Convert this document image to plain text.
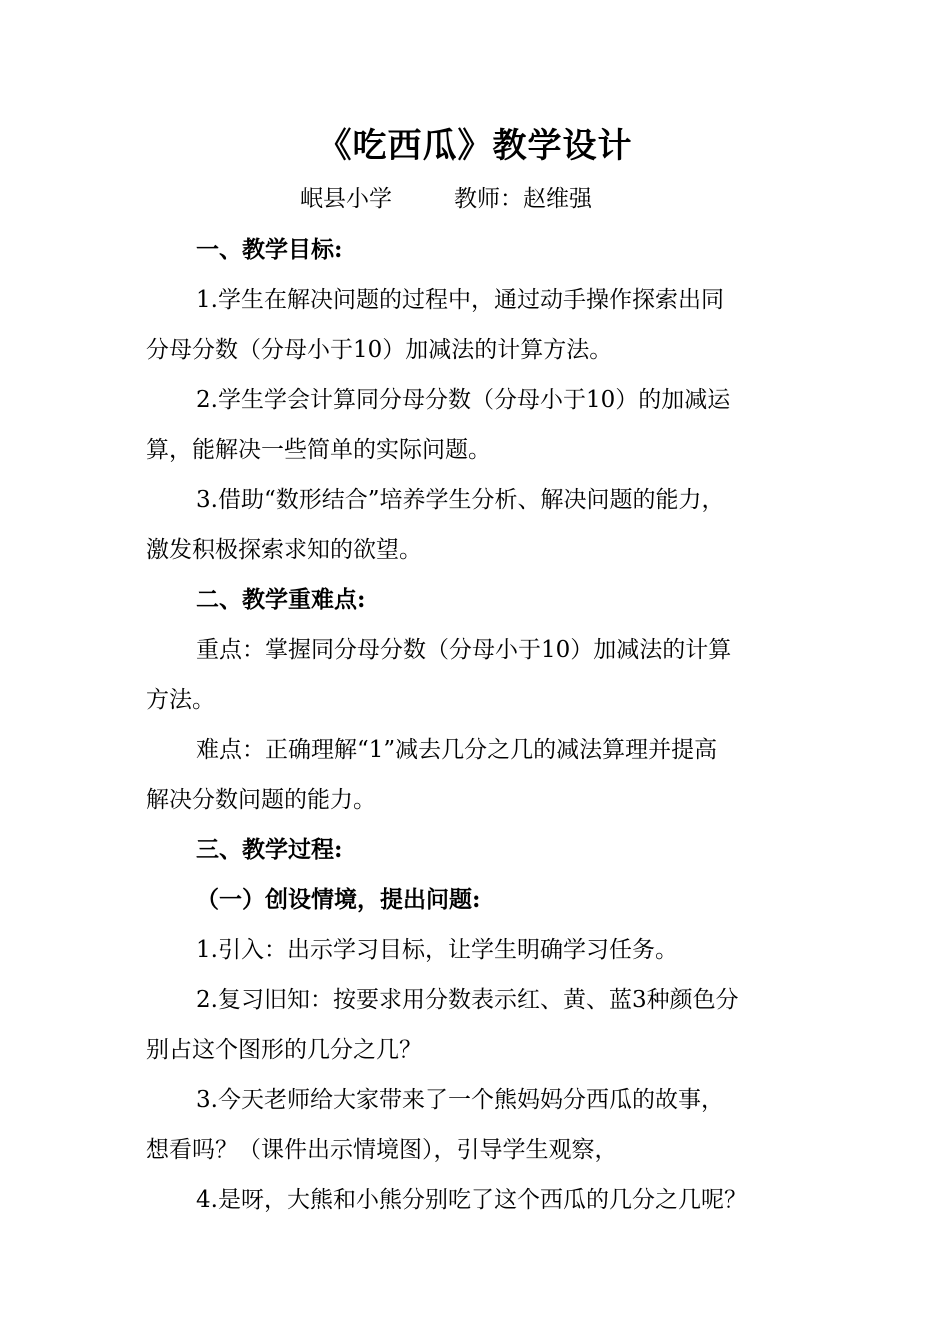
《吃西瓜》教学设计
岷县小学	教师：赵维强
一、教学目标:
1.学生在解决问题的过程中，通过动手操作探索出同
分母分数（分母小于10）加减法的计算方法。
2.学生学会计算同分母分数（分母小于10）的加减运
算，能解决一些简单的实际问题。
3.借助“数形结合”培养学生分析、解决问题的能力，
激发积极探索求知的欲望。
二、教学重难点:
重点：掌握同分母分数（分母小于10）加减法的计算
方法。
难点：正确理解“1”减去几分之几的减法算理并提高
解决分数问题的能力。
三、教学过程:
（一）创设情境，提出问题:
1.引入：出示学习目标，让学生明确学习任务。
2.复习旧知：按要求用分数表示红、黄、蓝3种颜色分
别占这个图形的几分之几？
3.今天老师给大家带来了一个熊妈妈分西瓜的故事，
想看吗？（课件出示情境图），引导学生观察，
4.是呀，大熊和小熊分别吃了这个西瓜的几分之几呢？
